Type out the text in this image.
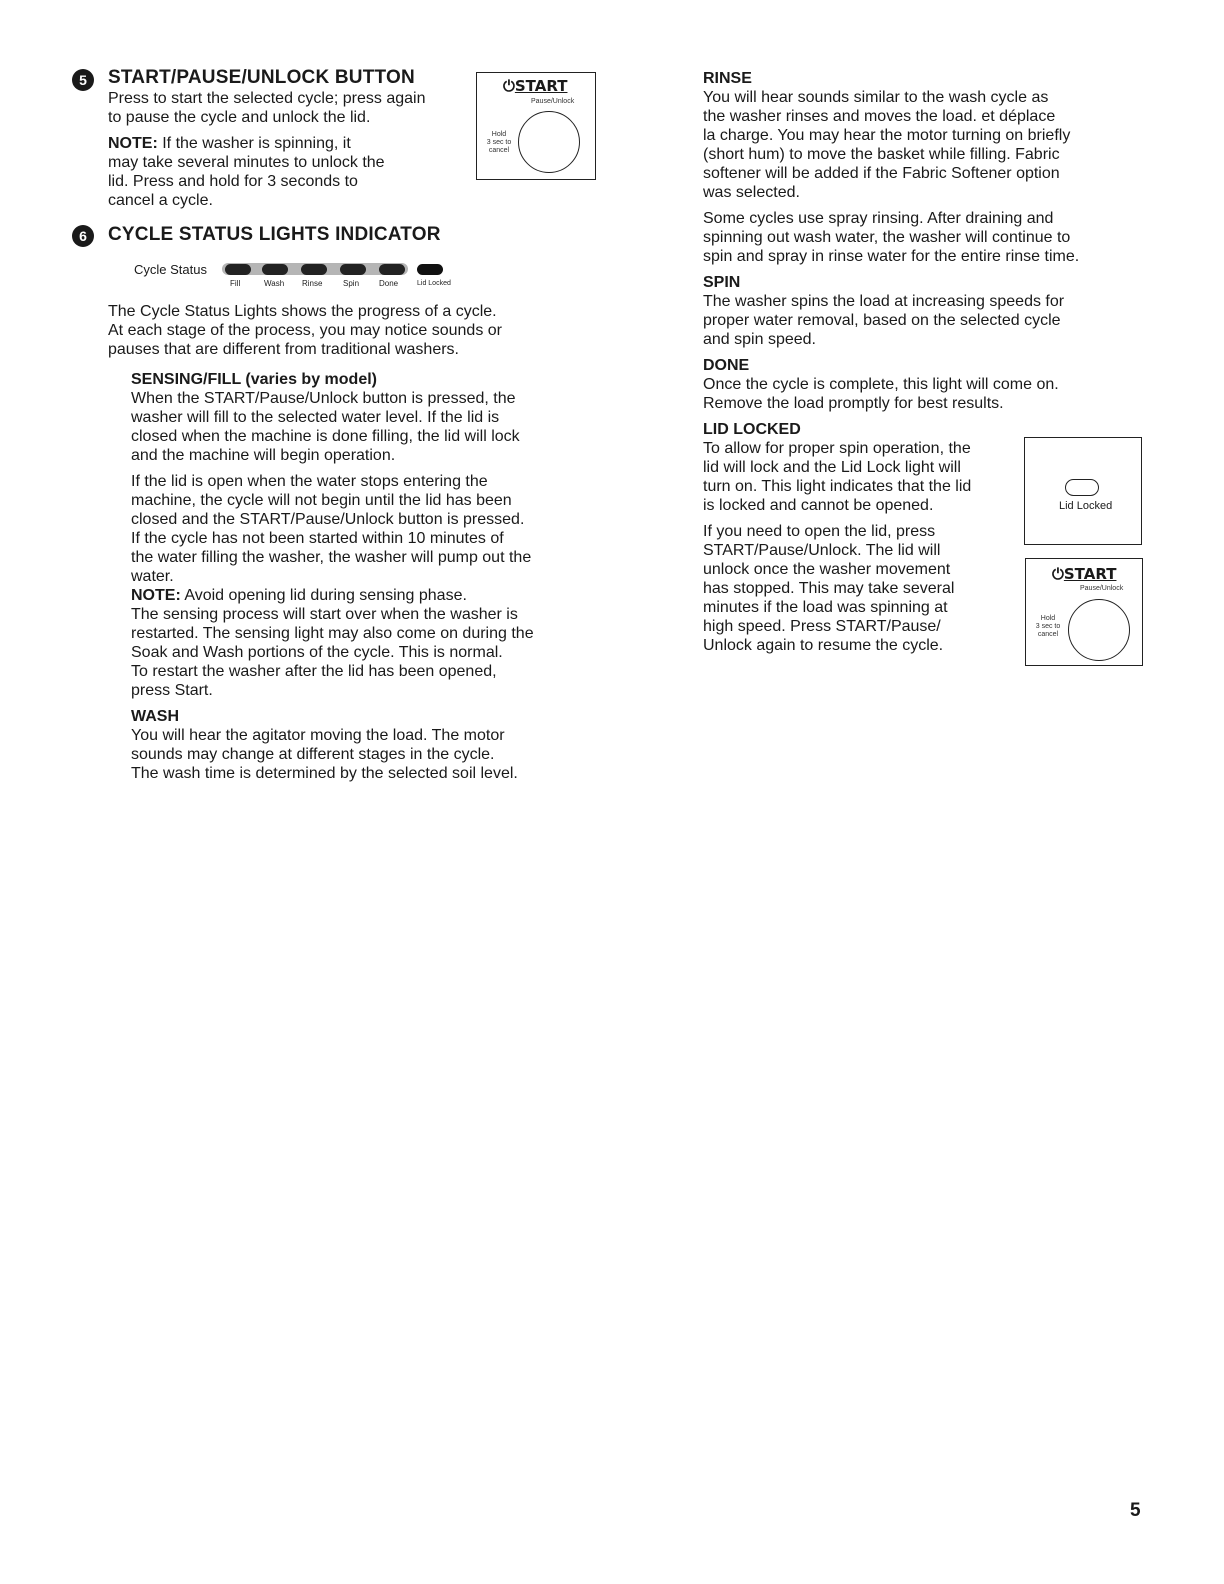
5 START/PAUSE/UNLOCK BUTTON

Press to start the selected cycle; press again

to pause the cycle and unlock the lid.

NOTE: If the washer is spinning, it

may take several minutes to unlock the

lid. Press and hold for 3 seconds to

cancel a cycle.

⏻START
Pause/Unlock
Hold
3 sec to
cancel
6 CYCLE STATUS LIGHTS INDICATOR
Cycle Status
Fill	Wash Rinse	Spin Done	Lid Locked

The Cycle Status Lights shows the progress of a cycle.

At each stage of the process, you may notice sounds or

pauses that are different from traditional washers.

SENSING/FILL (varies by model)

When the START/Pause/Unlock button is pressed, the

washer will fill to the selected water level. If the lid is

closed when the machine is done filling, the lid will lock

and the machine will begin operation.

If the lid is open when the water stops entering the

machine, the cycle will not begin until the lid has been

closed and the START/Pause/Unlock button is pressed.

If the cycle has not been started within 10 minutes of

the water filling the washer, the washer will pump out the

water.

NOTE: Avoid opening lid during sensing phase.

The sensing process will start over when the washer is

restarted. The sensing light may also come on during the

Soak and Wash portions of the cycle. This is normal.

To restart the washer after the lid has been opened,

press Start.

WASH

You will hear the agitator moving the load. The motor

sounds may change at different stages in the cycle.

The wash time is determined by the selected soil level.

RINSE

You will hear sounds similar to the wash cycle as

the washer rinses and moves the load. et déplace

la charge. You may hear the motor turning on briefly

(short hum) to move the basket while filling. Fabric

softener will be added if the Fabric Softener option

was selected.

Some cycles use spray rinsing. After draining and

spinning out wash water, the washer will continue to

spin and spray in rinse water for the entire rinse time.

SPIN

The washer spins the load at increasing speeds for

proper water removal, based on the selected cycle

and spin speed.

DONE

Once the cycle is complete, this light will come on.

Remove the load promptly for best results.

LID LOCKED

To allow for proper spin operation, the

lid will lock and the Lid Lock light will

turn on. This light indicates that the lid

is locked and cannot be opened.

If you need to open the lid, press

START/Pause/Unlock. The lid will

unlock once the washer movement

has stopped. This may take several

minutes if the load was spinning at

high speed. Press START/Pause/

Unlock again to resume the cycle.

Lid Locked
⏻START
Pause/Unlock
Hold
3 sec to
cancel
5
